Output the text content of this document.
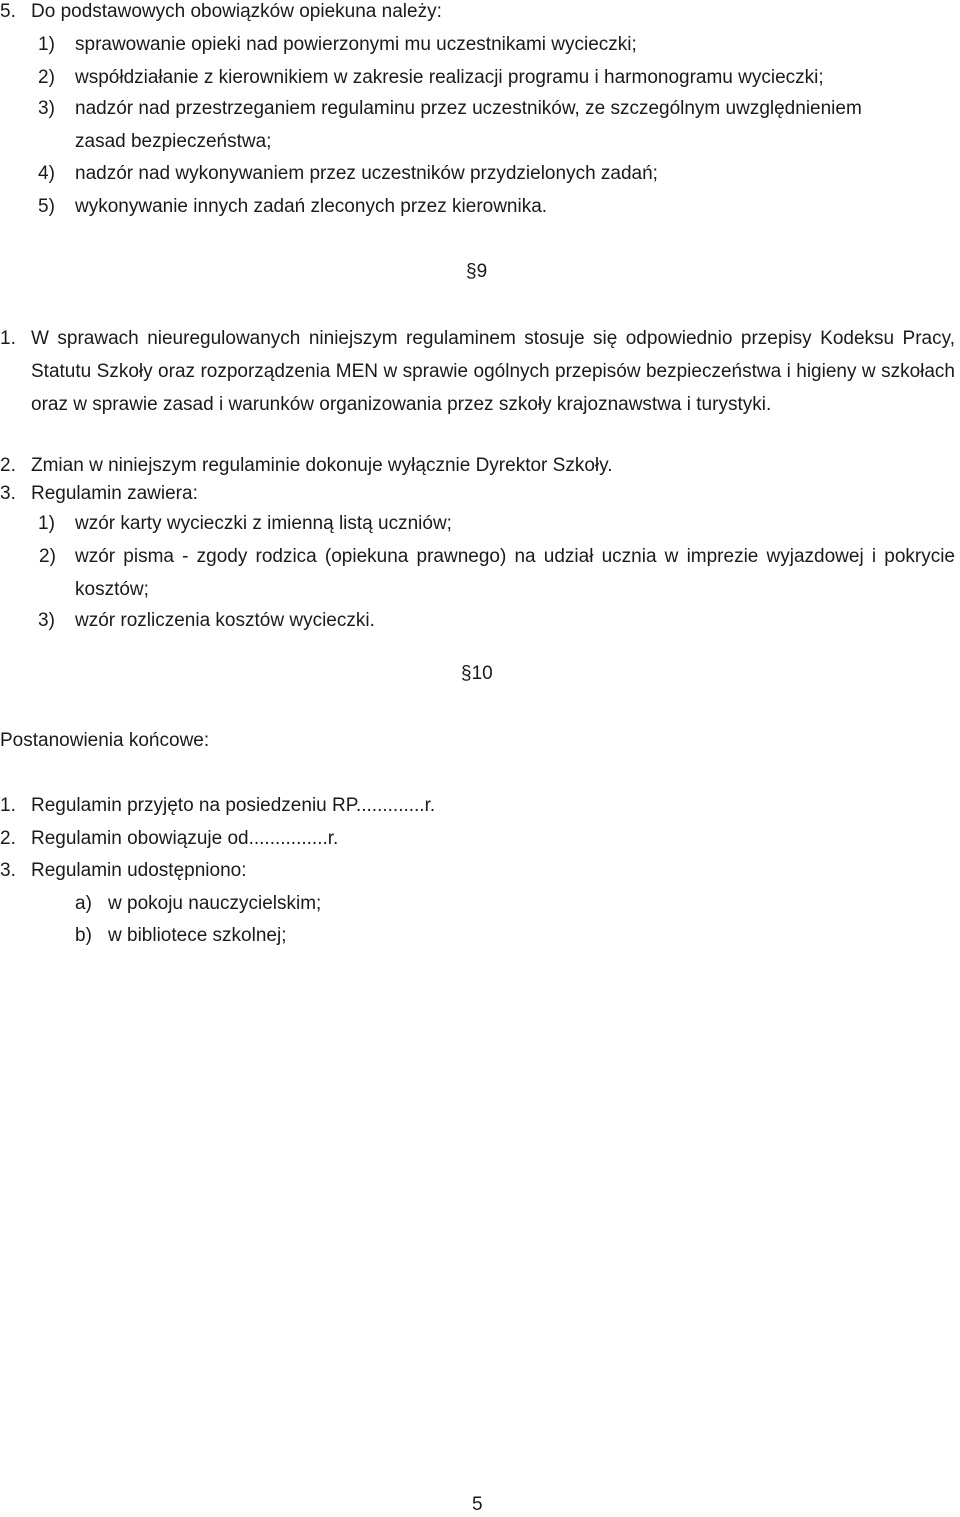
5. Do podstawowych obowiązków opiekuna należy:
1) sprawowanie opieki nad powierzonymi mu uczestnikami wycieczki;
2) współdziałanie z kierownikiem w zakresie realizacji programu i harmonogramu wycieczki;
3) nadzór nad przestrzeganiem regulaminu przez uczestników, ze szczególnym uwzględnieniem
zasad bezpieczeństwa;
4) nadzór nad wykonywaniem przez uczestników przydzielonych zadań;
5) wykonywanie innych zadań zleconych przez kierownika.
§9
1. W sprawach nieuregulowanych niniejszym regulaminem stosuje się odpowiednio przepisy Kodeksu Pracy, Statutu Szkoły oraz rozporządzenia MEN w sprawie ogólnych przepisów bezpieczeństwa i higieny w szkołach oraz w sprawie zasad i warunków organizowania przez szkoły krajoznawstwa i turystyki.
2. Zmian w niniejszym regulaminie dokonuje wyłącznie Dyrektor Szkoły.
3. Regulamin zawiera:
1) wzór karty wycieczki z imienną listą uczniów;
2) wzór pisma - zgody rodzica (opiekuna prawnego) na udział ucznia w imprezie wyjazdowej i pokrycie kosztów;
3) wzór rozliczenia kosztów wycieczki.
§10
Postanowienia końcowe:
1. Regulamin przyjęto na posiedzeniu RP.............r.
2. Regulamin obowiązuje od...............r.
3. Regulamin udostępniono:
a) w pokoju nauczycielskim;
b) w bibliotece szkolnej;
5
